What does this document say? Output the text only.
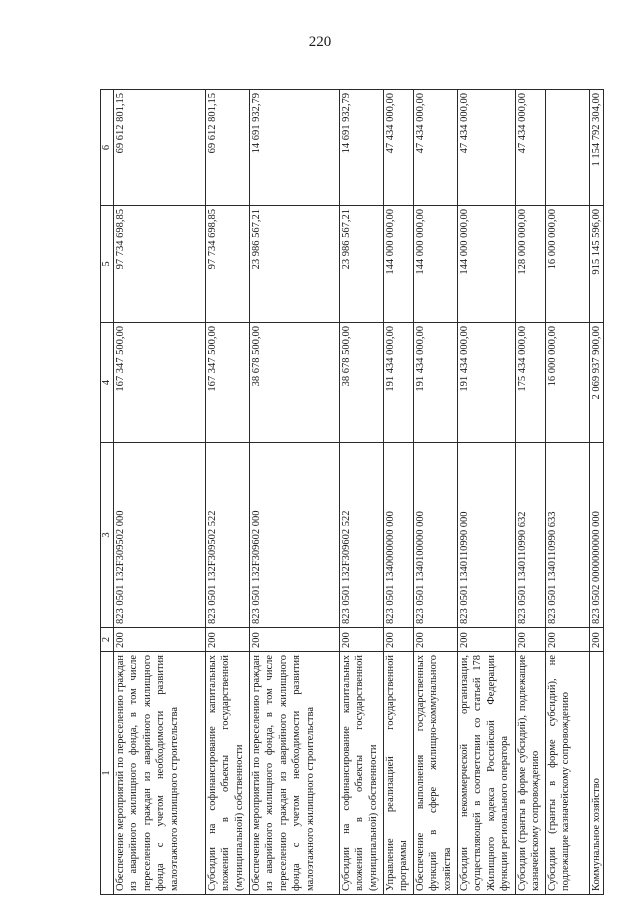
220
1	2	3	4	5	6
Обеспечение мероприятий по переселению граждан из аварийного жилищного фонда, в том числе переселению граждан из аварийного жилищного фонда с учетом необходимости развития малоэтажного жилищного строительства	200	823 0501 132F309502 000	167 347 500,00	97 734 698,85	69 612 801,15
Субсидии на софинансирование капитальных вложений в объекты государственной (муниципальной) собственности	200	823 0501 132F309502 522	167 347 500,00	97 734 698,85	69 612 801,15
Обеспечение мероприятий по переселению граждан из аварийного жилищного фонда, в том числе переселению граждан из аварийного жилищного фонда с учетом необходимости развития малоэтажного жилищного строительства	200	823 0501 132F309602 000	38 678 500,00	23 986 567,21	14 691 932,79
Субсидии на софинансирование капитальных вложений в объекты государственной (муниципальной) собственности	200	823 0501 132F309602 522	38 678 500,00	23 986 567,21	14 691 932,79
Управление реализацией государственной программы	200	823 0501 1340000000 000	191 434 000,00	144 000 000,00	47 434 000,00
Обеспечение выполнения государственных функций в сфере жилищно-коммунального хозяйства	200	823 0501 1340100000 000	191 434 000,00	144 000 000,00	47 434 000,00
Субсидии некоммерческой организации, осуществляющей в соответствии со статьей 178 Жилищного кодекса Российской Федерации функции регионального оператора	200	823 0501 1340110990 000	191 434 000,00	144 000 000,00	47 434 000,00
Субсидии (гранты в форме субсидий), подлежащие казначейскому сопровождению	200	823 0501 1340110990 632	175 434 000,00	128 000 000,00	47 434 000,00
Субсидии (гранты в форме субсидий), не подлежащие казначейскому сопровождению	200	823 0501 1340110990 633	16 000 000,00	16 000 000,00	
Коммунальное хозяйство	200	823 0502 0000000000 000	2 069 937 900,00	915 145 596,00	1 154 792 304,00
